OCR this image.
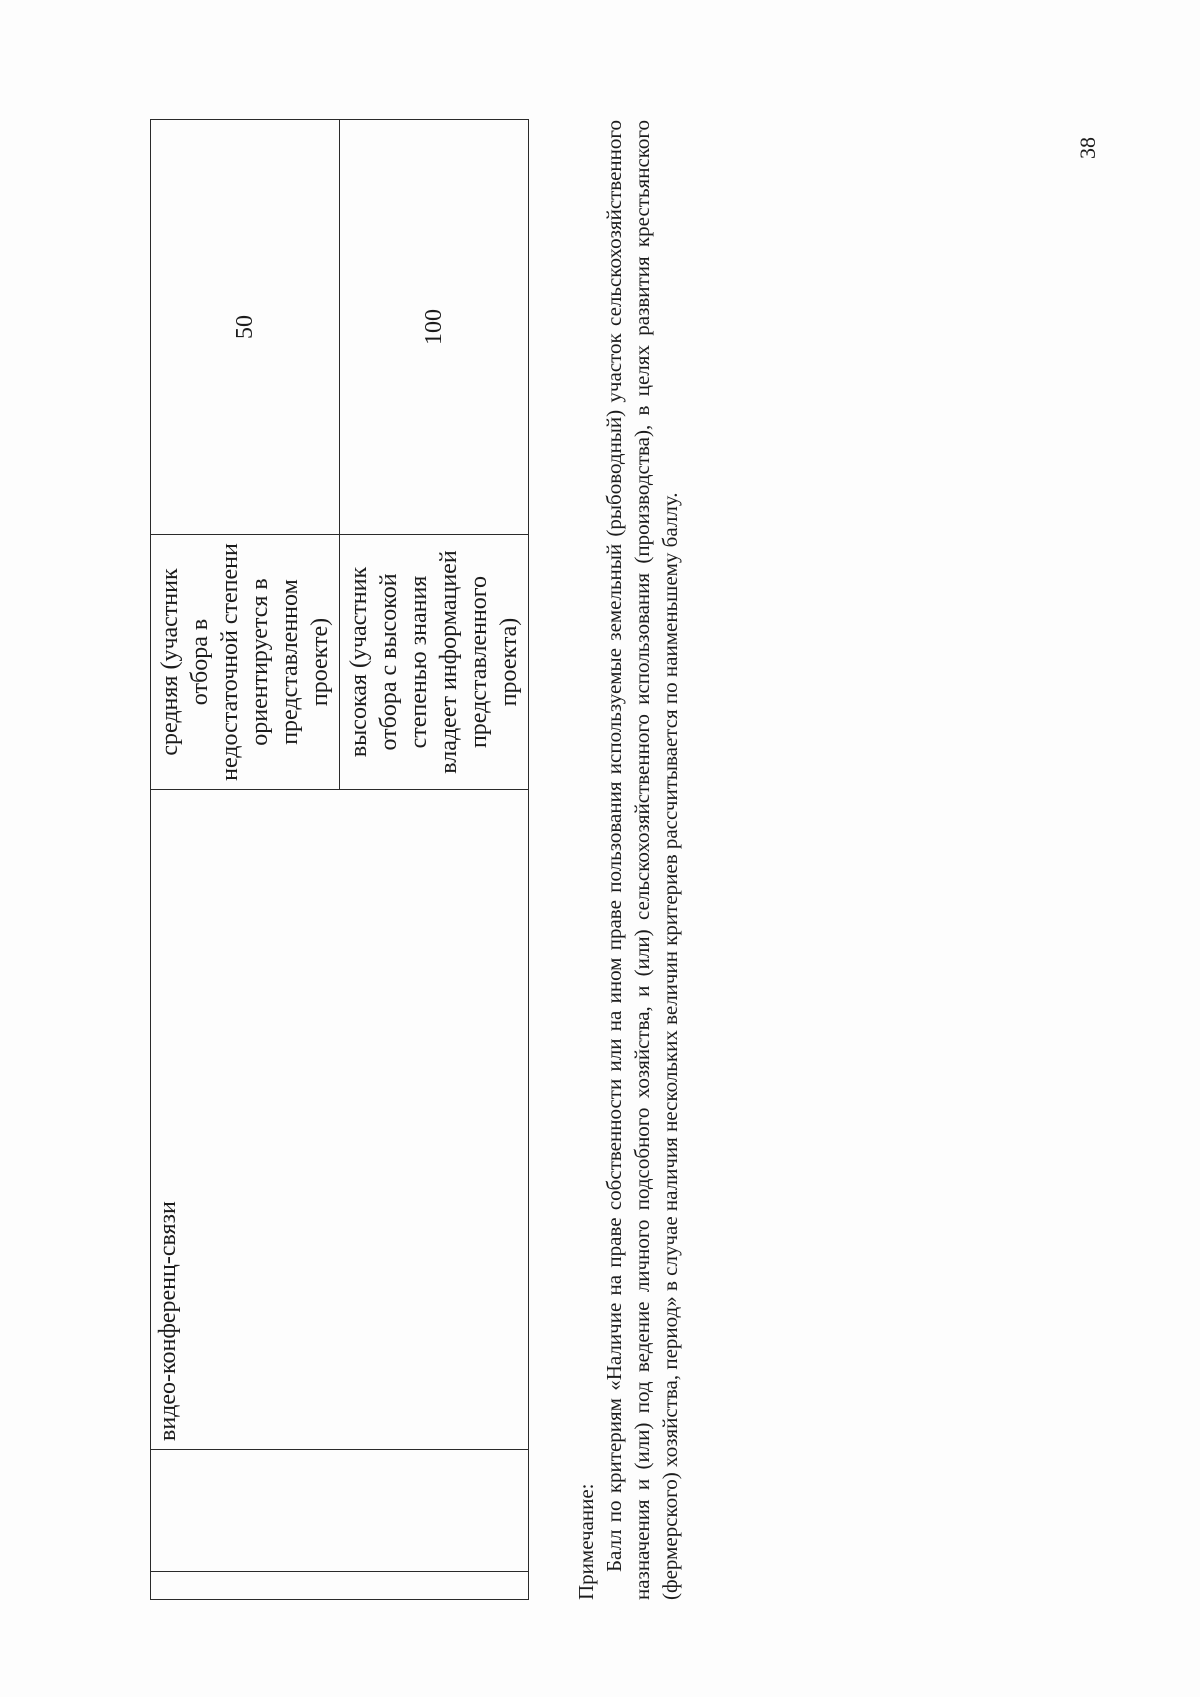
		видео-конференц-связи	средняя (участник отбора в недостаточной степени ориентируется в представленном проекте)	50
			высокая (участник отбора с высокой степенью знания владеет информацией представленного проекта)	100
Примечание: Балл по критериям «Наличие на праве собственности или на ином праве пользования используемые земельный (рыбоводный) участок сельскохозяйственного назначения и (или) под ведение личного подсобного хозяйства, и (или) сельскохозяйственного использования (производства), в целях развития крестьянского (фермерского) хозяйства, период» в случае наличия нескольких величин критериев рассчитывается по наименьшему баллу.
38
